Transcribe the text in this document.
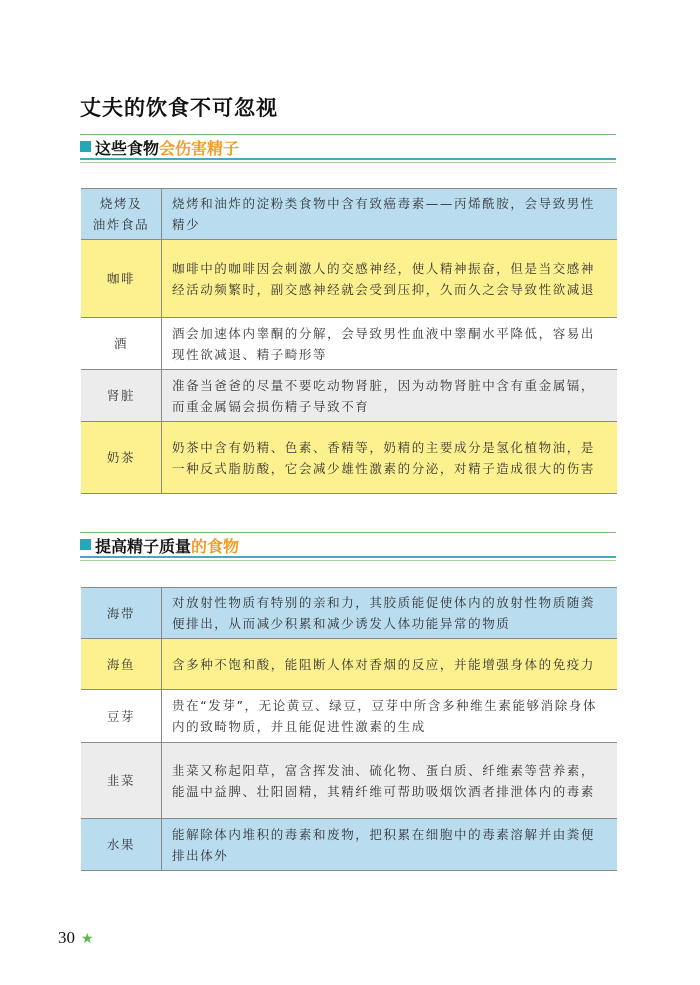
丈夫的饮食不可忽视
这些食物会伤害精子
烧烤及
油炸食品	烧烤和油炸的淀粉类食物中含有致癌毒素——丙烯酰胺，会导致男性精少
咖啡	咖啡中的咖啡因会刺激人的交感神经，使人精神振奋，但是当交感神经活动频繁时，副交感神经就会受到压抑，久而久之会导致性欲减退
酒	酒会加速体内睾酮的分解，会导致男性血液中睾酮水平降低，容易出现性欲减退、精子畸形等
肾脏	准备当爸爸的尽量不要吃动物肾脏，因为动物肾脏中含有重金属镉，而重金属镉会损伤精子导致不育
奶茶	奶茶中含有奶精、色素、香精等，奶精的主要成分是氢化植物油，是一种反式脂肪酸，它会减少雄性激素的分泌，对精子造成很大的伤害
提高精子质量的食物
海带	对放射性物质有特别的亲和力，其胶质能促使体内的放射性物质随粪便排出，从而减少积累和减少诱发人体功能异常的物质
海鱼	含多种不饱和酸，能阻断人体对香烟的反应，并能增强身体的免疫力
豆芽	贵在“发芽”，无论黄豆、绿豆，豆芽中所含多种维生素能够消除身体内的致畸物质，并且能促进性激素的生成
韭菜	韭菜又称起阳草，富含挥发油、硫化物、蛋白质、纤维素等营养素，能温中益脾、壮阳固精，其精纤维可帮助吸烟饮酒者排泄体内的毒素
水果	能解除体内堆积的毒素和废物，把积累在细胞中的毒素溶解并由粪便排出体外
30 ★
